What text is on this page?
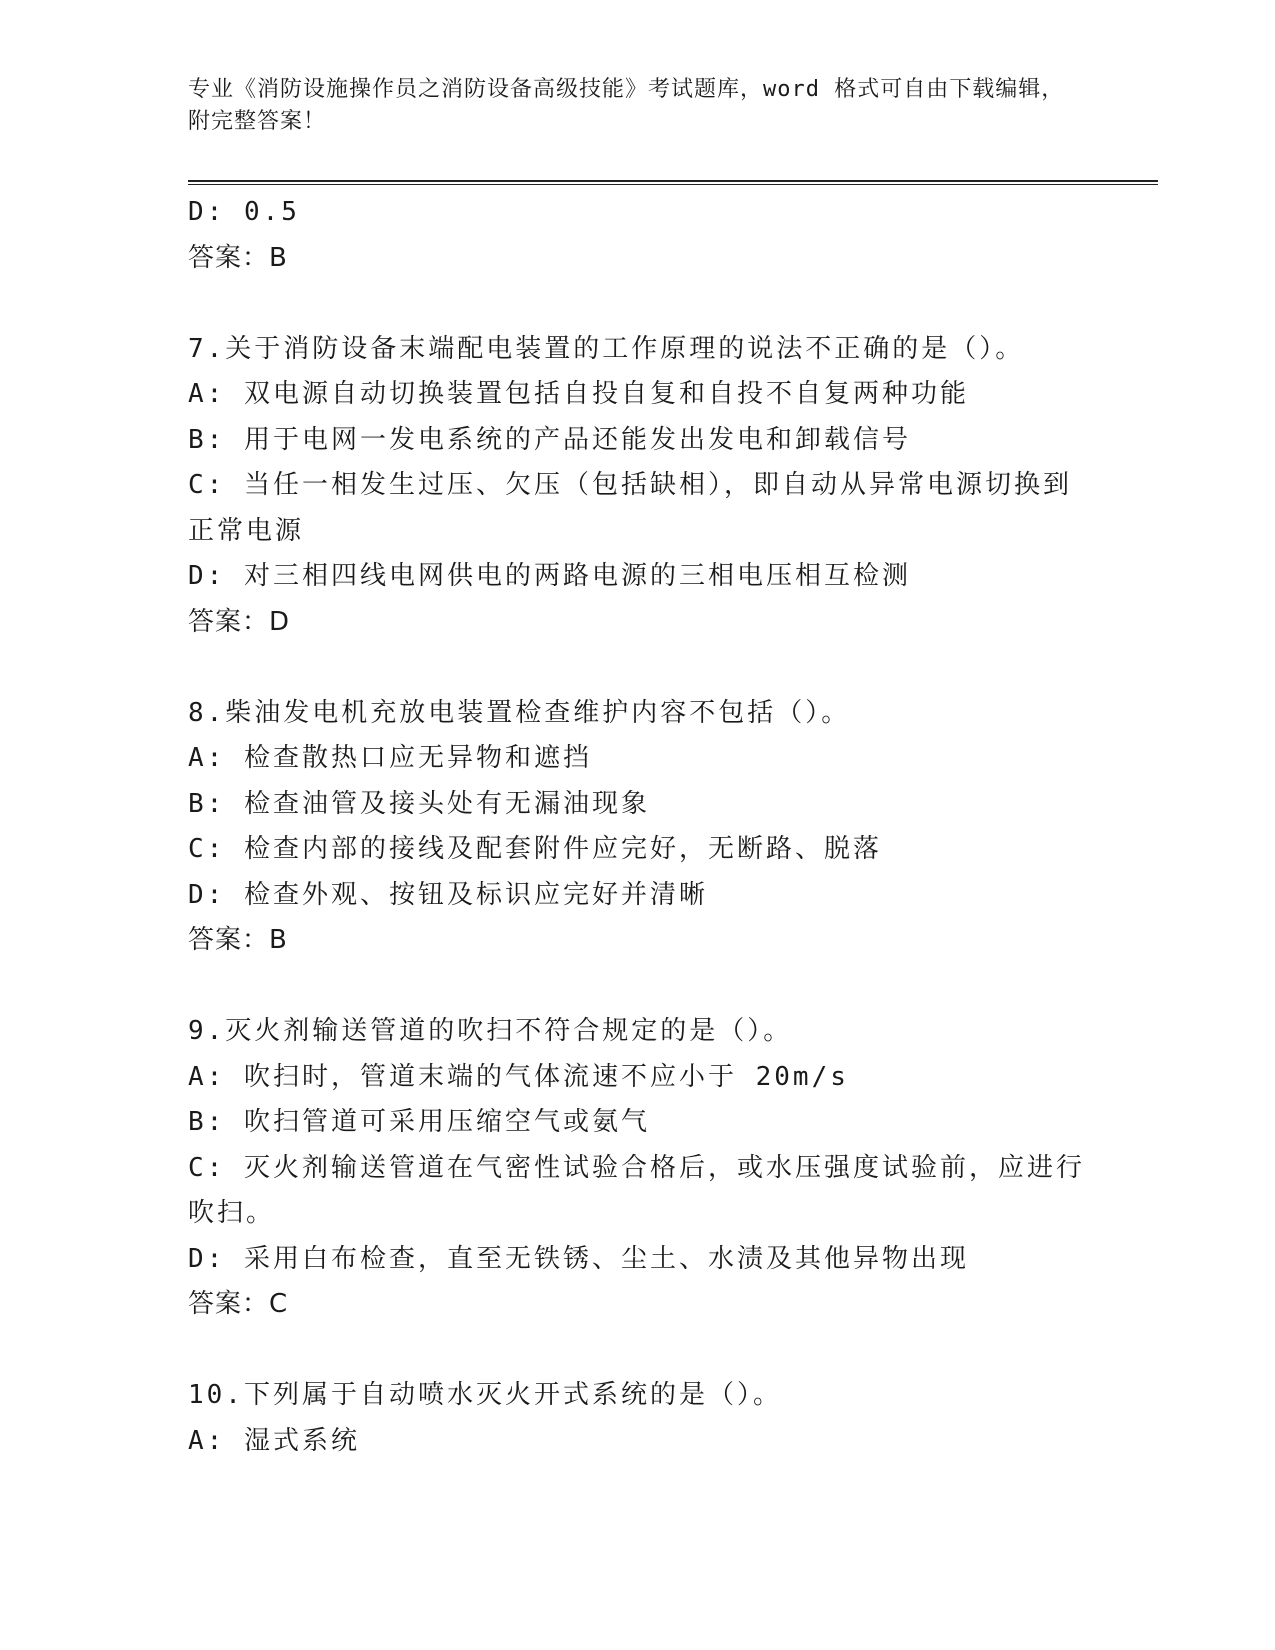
专业《消防设施操作员之消防设备高级技能》考试题库，word 格式可自由下载编辑，附完整答案！
D: 0.5
答案：B
7.关于消防设备末端配电装置的工作原理的说法不正确的是（）。
A: 双电源自动切换装置包括自投自复和自投不自复两种功能
B: 用于电网一发电系统的产品还能发出发电和卸载信号
C: 当任一相发生过压、欠压（包括缺相），即自动从异常电源切换到正常电源
D: 对三相四线电网供电的两路电源的三相电压相互检测
答案：D
8.柴油发电机充放电装置检查维护内容不包括（）。
A: 检查散热口应无异物和遮挡
B: 检查油管及接头处有无漏油现象
C: 检查内部的接线及配套附件应完好，无断路、脱落
D: 检查外观、按钮及标识应完好并清晰
答案：B
9.灭火剂输送管道的吹扫不符合规定的是（）。
A: 吹扫时，管道末端的气体流速不应小于 20m/s
B: 吹扫管道可采用压缩空气或氨气
C: 灭火剂输送管道在气密性试验合格后，或水压强度试验前，应进行吹扫。
D: 采用白布检查，直至无铁锈、尘土、水渍及其他异物出现
答案：C
10.下列属于自动喷水灭火开式系统的是（）。
A: 湿式系统
